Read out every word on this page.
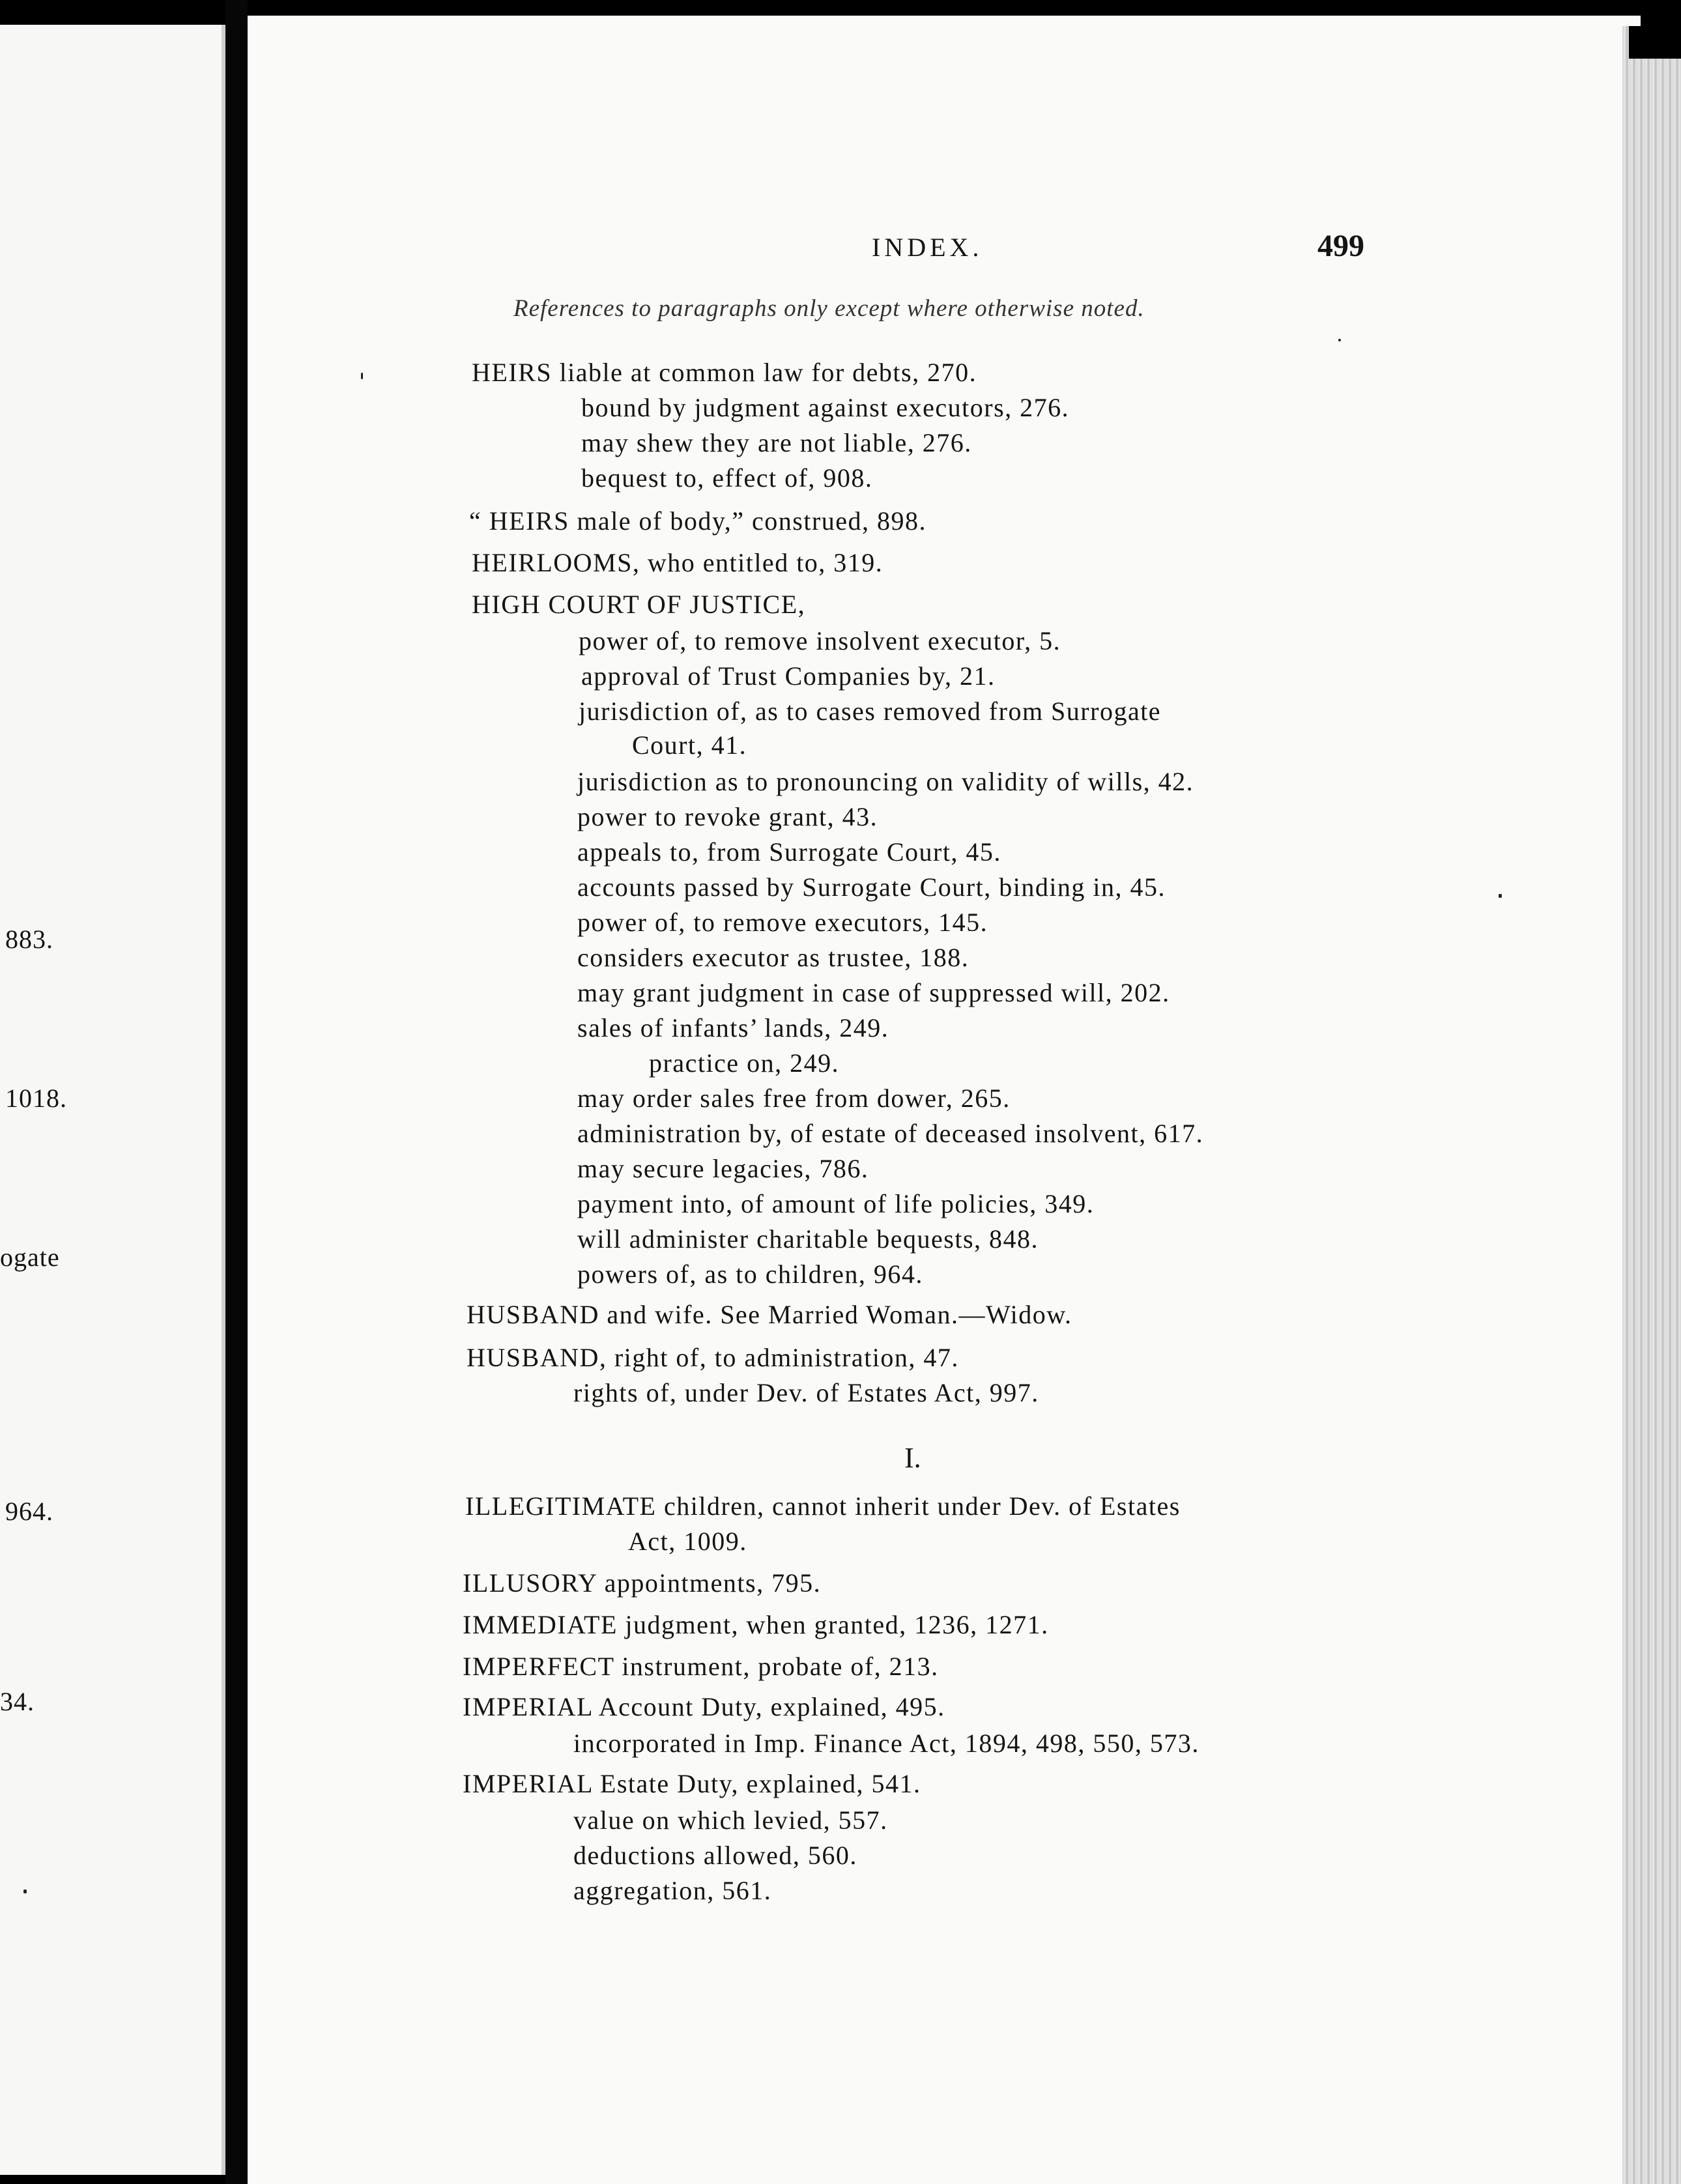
883.
1018.
ogate
964.
34.
INDEX.	499
References to paragraphs only except where otherwise noted.
HEIRS liable at common law for debts, 270.
bound by judgment against executors, 276.
may shew they are not liable, 276.
bequest to, effect of, 908.
“ HEIRS male of body,” construed, 898.
HEIRLOOMS, who entitled to, 319.
HIGH COURT OF JUSTICE,
power of, to remove insolvent executor, 5.
approval of Trust Companies by, 21.
jurisdiction of, as to cases removed from Surrogate
Court, 41.
jurisdiction as to pronouncing on validity of wills, 42.
power to revoke grant, 43.
appeals to, from Surrogate Court, 45.
accounts passed by Surrogate Court, binding in, 45.
power of, to remove executors, 145.
considers executor as trustee, 188.
may grant judgment in case of suppressed will, 202.
sales of infants’ lands, 249.
practice on, 249.
may order sales free from dower, 265.
administration by, of estate of deceased insolvent, 617.
may secure legacies, 786.
payment into, of amount of life policies, 349.
will administer charitable bequests, 848.
powers of, as to children, 964.
HUSBAND and wife. See Married Woman.—Widow.
HUSBAND, right of, to administration, 47.
rights of, under Dev. of Estates Act, 997.
I.
ILLEGITIMATE children, cannot inherit under Dev. of Estates
Act, 1009.
ILLUSORY appointments, 795.
IMMEDIATE judgment, when granted, 1236, 1271.
IMPERFECT instrument, probate of, 213.
IMPERIAL Account Duty, explained, 495.
incorporated in Imp. Finance Act, 1894, 498, 550, 573.
IMPERIAL Estate Duty, explained, 541.
value on which levied, 557.
deductions allowed, 560.
aggregation, 561.
